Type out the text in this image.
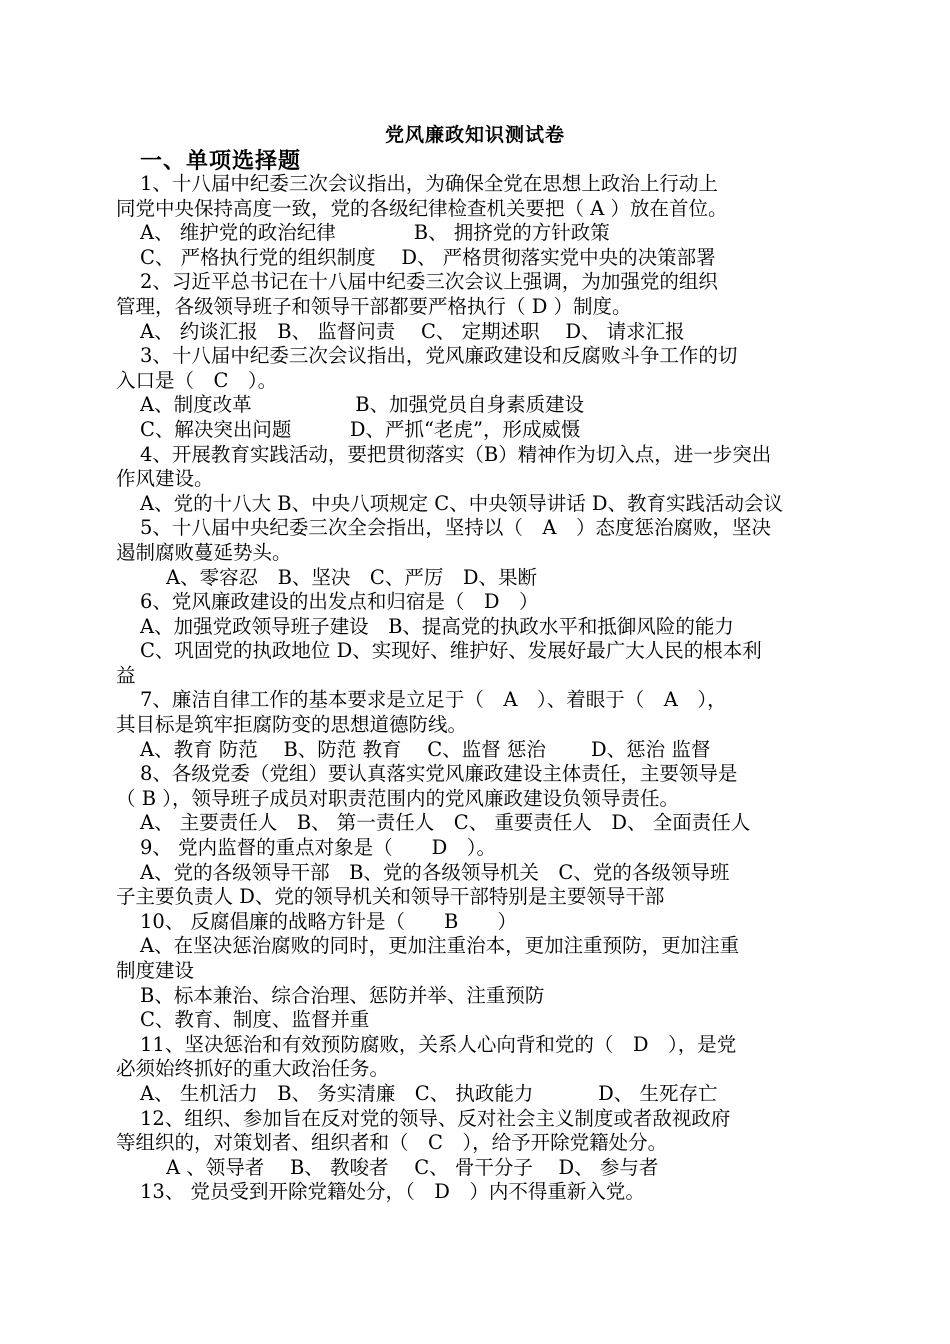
党风廉政知识测试卷
一、单项选择题
1、十八届中纪委三次会议指出，为确保全党在思想上政治上行动上
同党中央保持高度一致，党的各级纪律检查机关要把（ A ）放在首位。
A、 维护党的政治纪律　　　　B、 拥挤党的方针政策
C、 严格执行党的组织制度　 D、 严格贯彻落实党中央的决策部署
2、习近平总书记在十八届中纪委三次会议上强调，为加强党的组织
管理，各级领导班子和领导干部都要严格执行（ D ）制度。
A、 约谈汇报　B、 监督问责　 C、 定期述职　 D、 请求汇报
3、十八届中纪委三次会议指出，党风廉政建设和反腐败斗争工作的切
入口是（　C　）。
A、制度改革　　　　　 B、加强党员自身素质建设
C、解决突出问题　　　D、严抓“老虎”，形成威慑
4、开展教育实践活动，要把贯彻落实（B）精神作为切入点，进一步突出
作风建设。
A、党的十八大 B、中央八项规定 C、中央领导讲话 D、教育实践活动会议
5、十八届中央纪委三次全会指出，坚持以（　A　）态度惩治腐败，坚决
遏制腐败蔓延势头。
A、零容忍　B、坚决　C、严厉　D、果断
6、党风廉政建设的出发点和归宿是（　D　）
A、加强党政领导班子建设　B、提高党的执政水平和抵御风险的能力
C、巩固党的执政地位 D、实现好、维护好、发展好最广大人民的根本利
益
7、廉洁自律工作的基本要求是立足于（　A　）、着眼于（　A　），
其目标是筑牢拒腐防变的思想道德防线。
A、教育 防范　 B、防范 教育　 C、监督 惩治　　 D、惩治 监督
8、各级党委（党组）要认真落实党风廉政建设主体责任，主要领导是
（ B ），领导班子成员对职责范围内的党风廉政建设负领导责任。
A、 主要责任人　B、 第一责任人　C、 重要责任人　D、 全面责任人
9、 党内监督的重点对象是（　　D　）。
A、党的各级领导干部　B、党的各级领导机关　C、党的各级领导班
子主要负责人 D、党的领导机关和领导干部特别是主要领导干部
10、 反腐倡廉的战略方针是（　　B　　）
A、在坚决惩治腐败的同时，更加注重治本，更加注重预防，更加注重
制度建设
B、标本兼治、综合治理、惩防并举、注重预防
C、教育、制度、监督并重
11、坚决惩治和有效预防腐败，关系人心向背和党的（　D　），是党
必须始终抓好的重大政治任务。
A、 生机活力　B、 务实清廉　C、 执政能力　　　 D、 生死存亡
12、组织、参加旨在反对党的领导、反对社会主义制度或者敌视政府
等组织的，对策划者、组织者和（　C　），给予开除党籍处分。
A 、领导者　 B、 教唆者　 C、 骨干分子　 D、 参与者
13、 党员受到开除党籍处分，（　D　）内不得重新入党。
